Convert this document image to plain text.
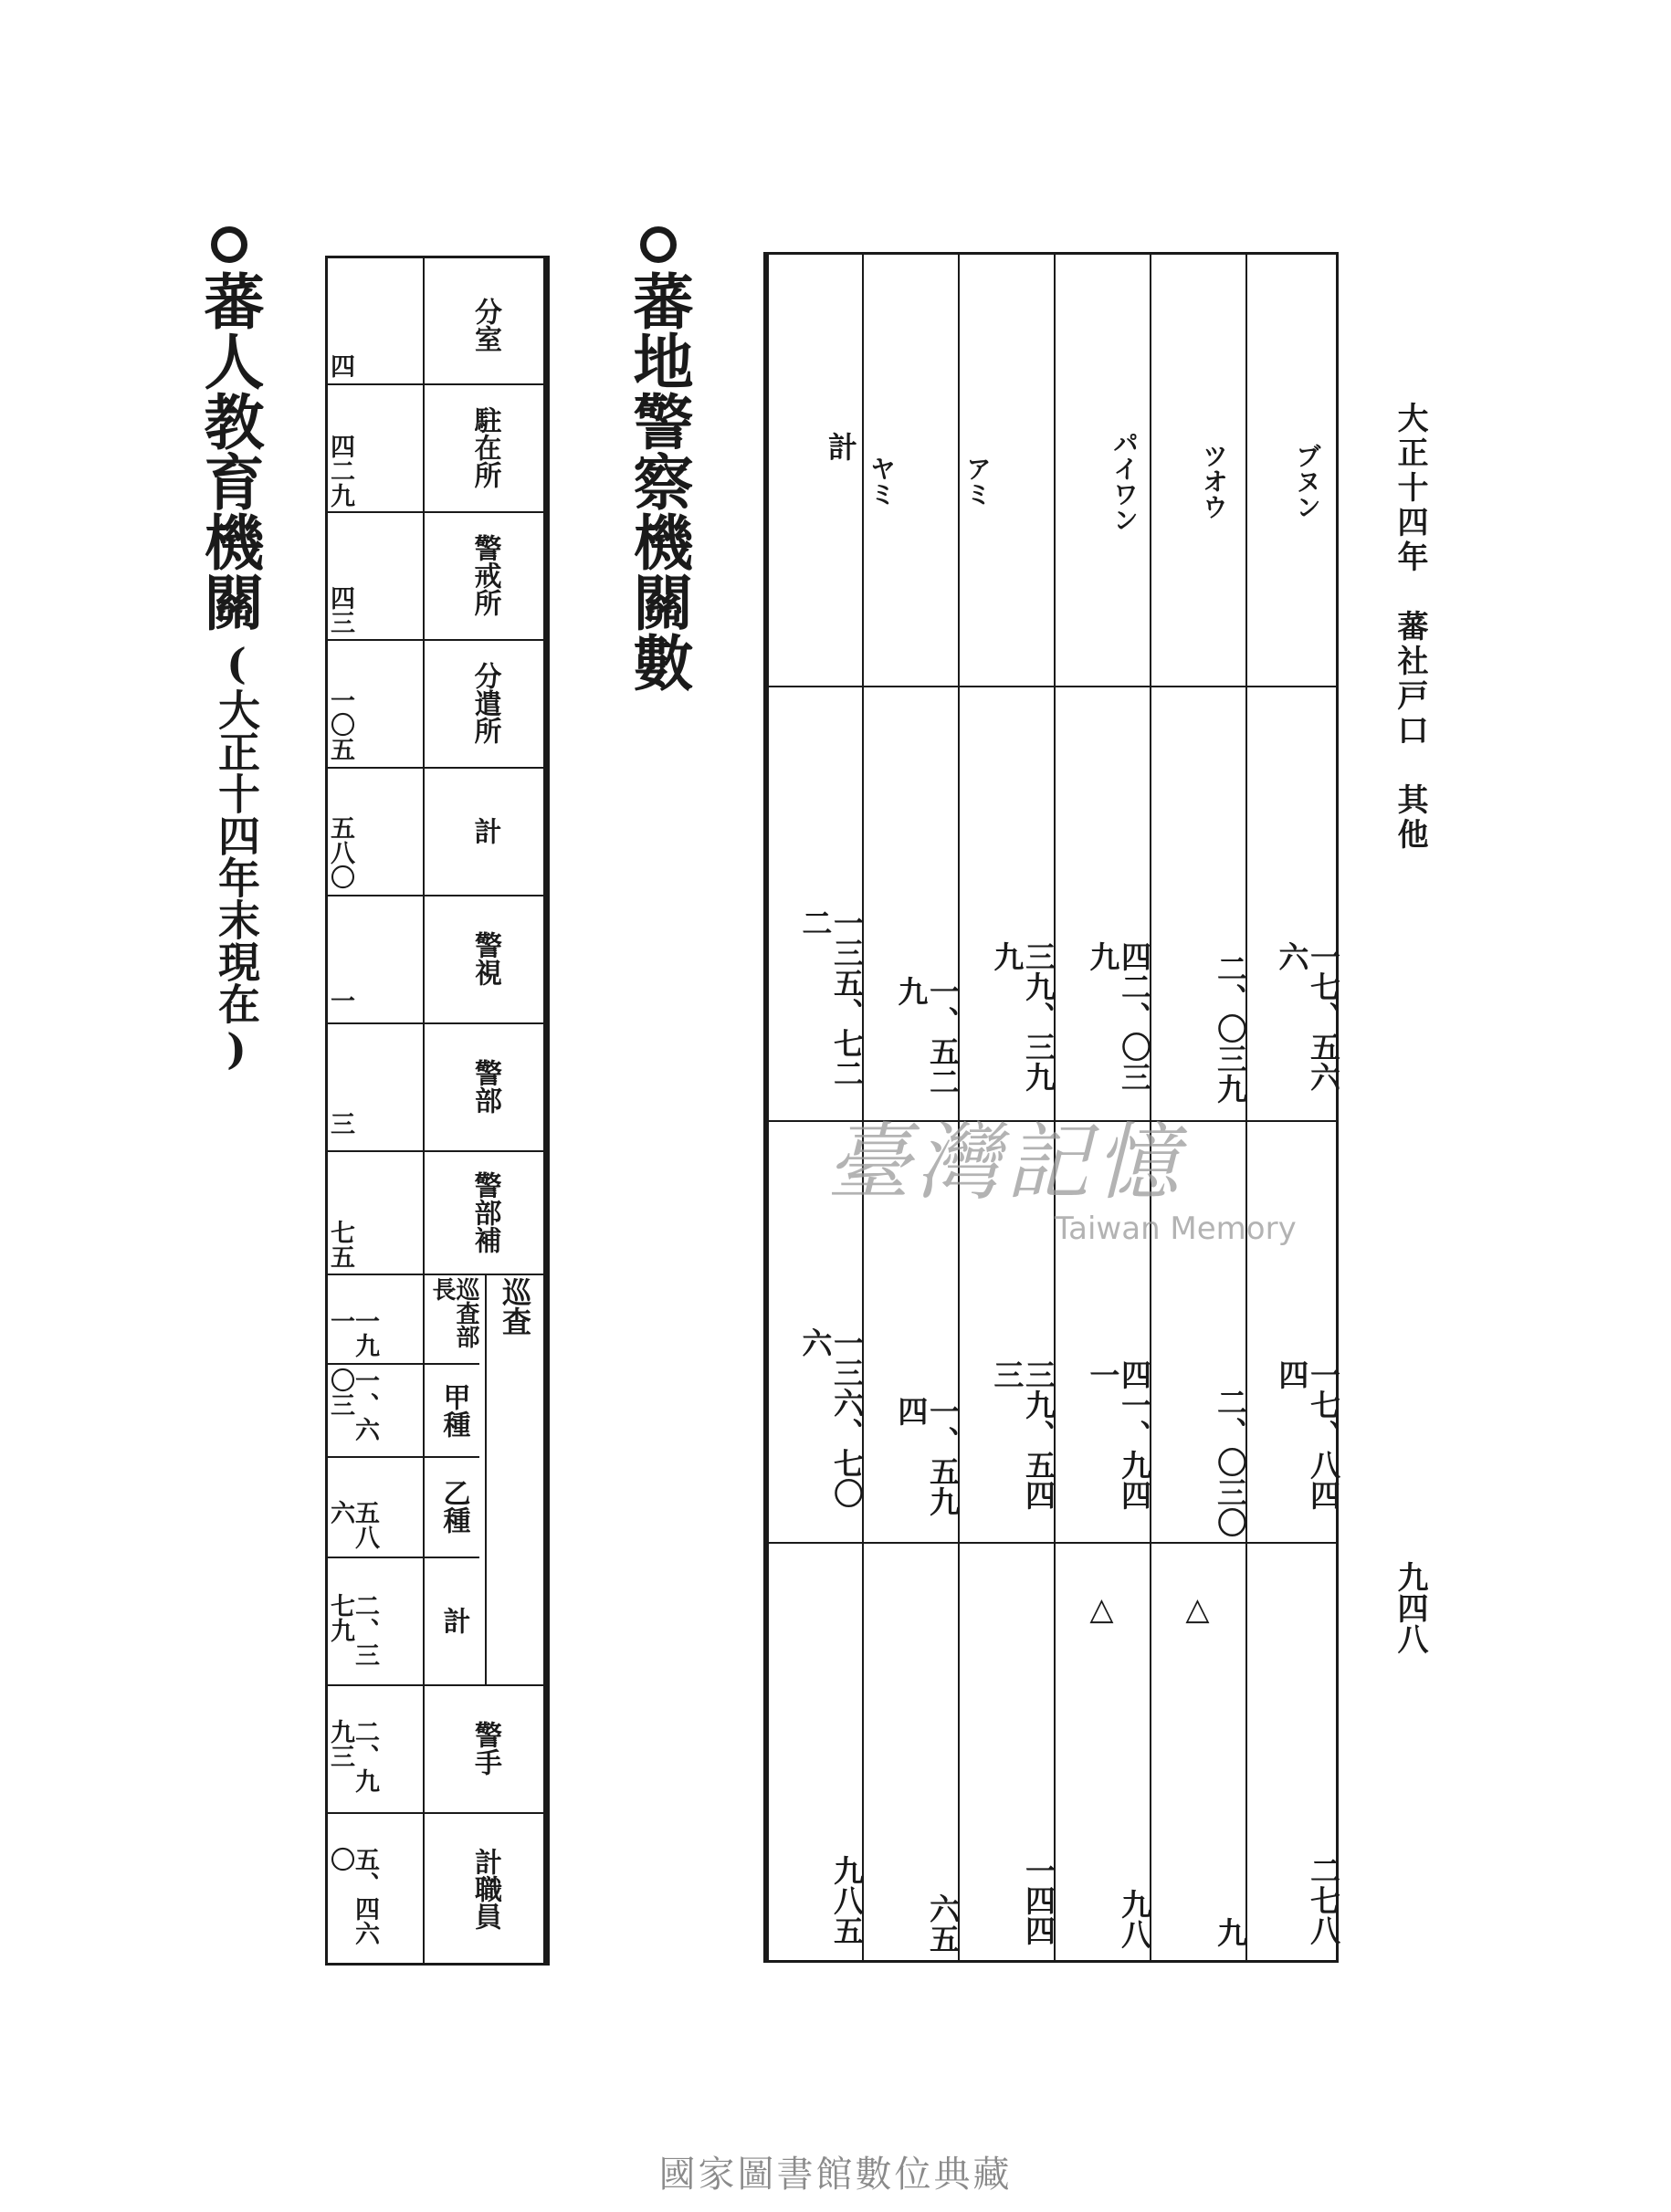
大正十四年　蕃社戸口　其他
九四八
蕃地警察機關數
蕃人教育機關
(大正十四年末現在)
ブヌン
ツオウ
パイワン
アミ
ヤミ
計
一七、五六六
二、〇三九
四二、〇三九
三九、三九九
一、五二九
一三五、七二二
一七、八四四
二、〇三〇
四一、九四一
三九、五四三
一、五九四
一三六、七〇六
△
△
二七八
九
九八
一四四
六五
九八五
分室
四
駐在所
四二九
警戒所
四三
分遣所
一〇五
計
五八〇
警視
一
警部
三
警部補
七五
巡査部長
一九一
甲種
一、六〇三
乙種
五八六
計
二、三七九
巡査
警手
二、九九三
計職員
五、四六〇
臺灣記憶
Taiwan Memory
國家圖書館數位典藏
